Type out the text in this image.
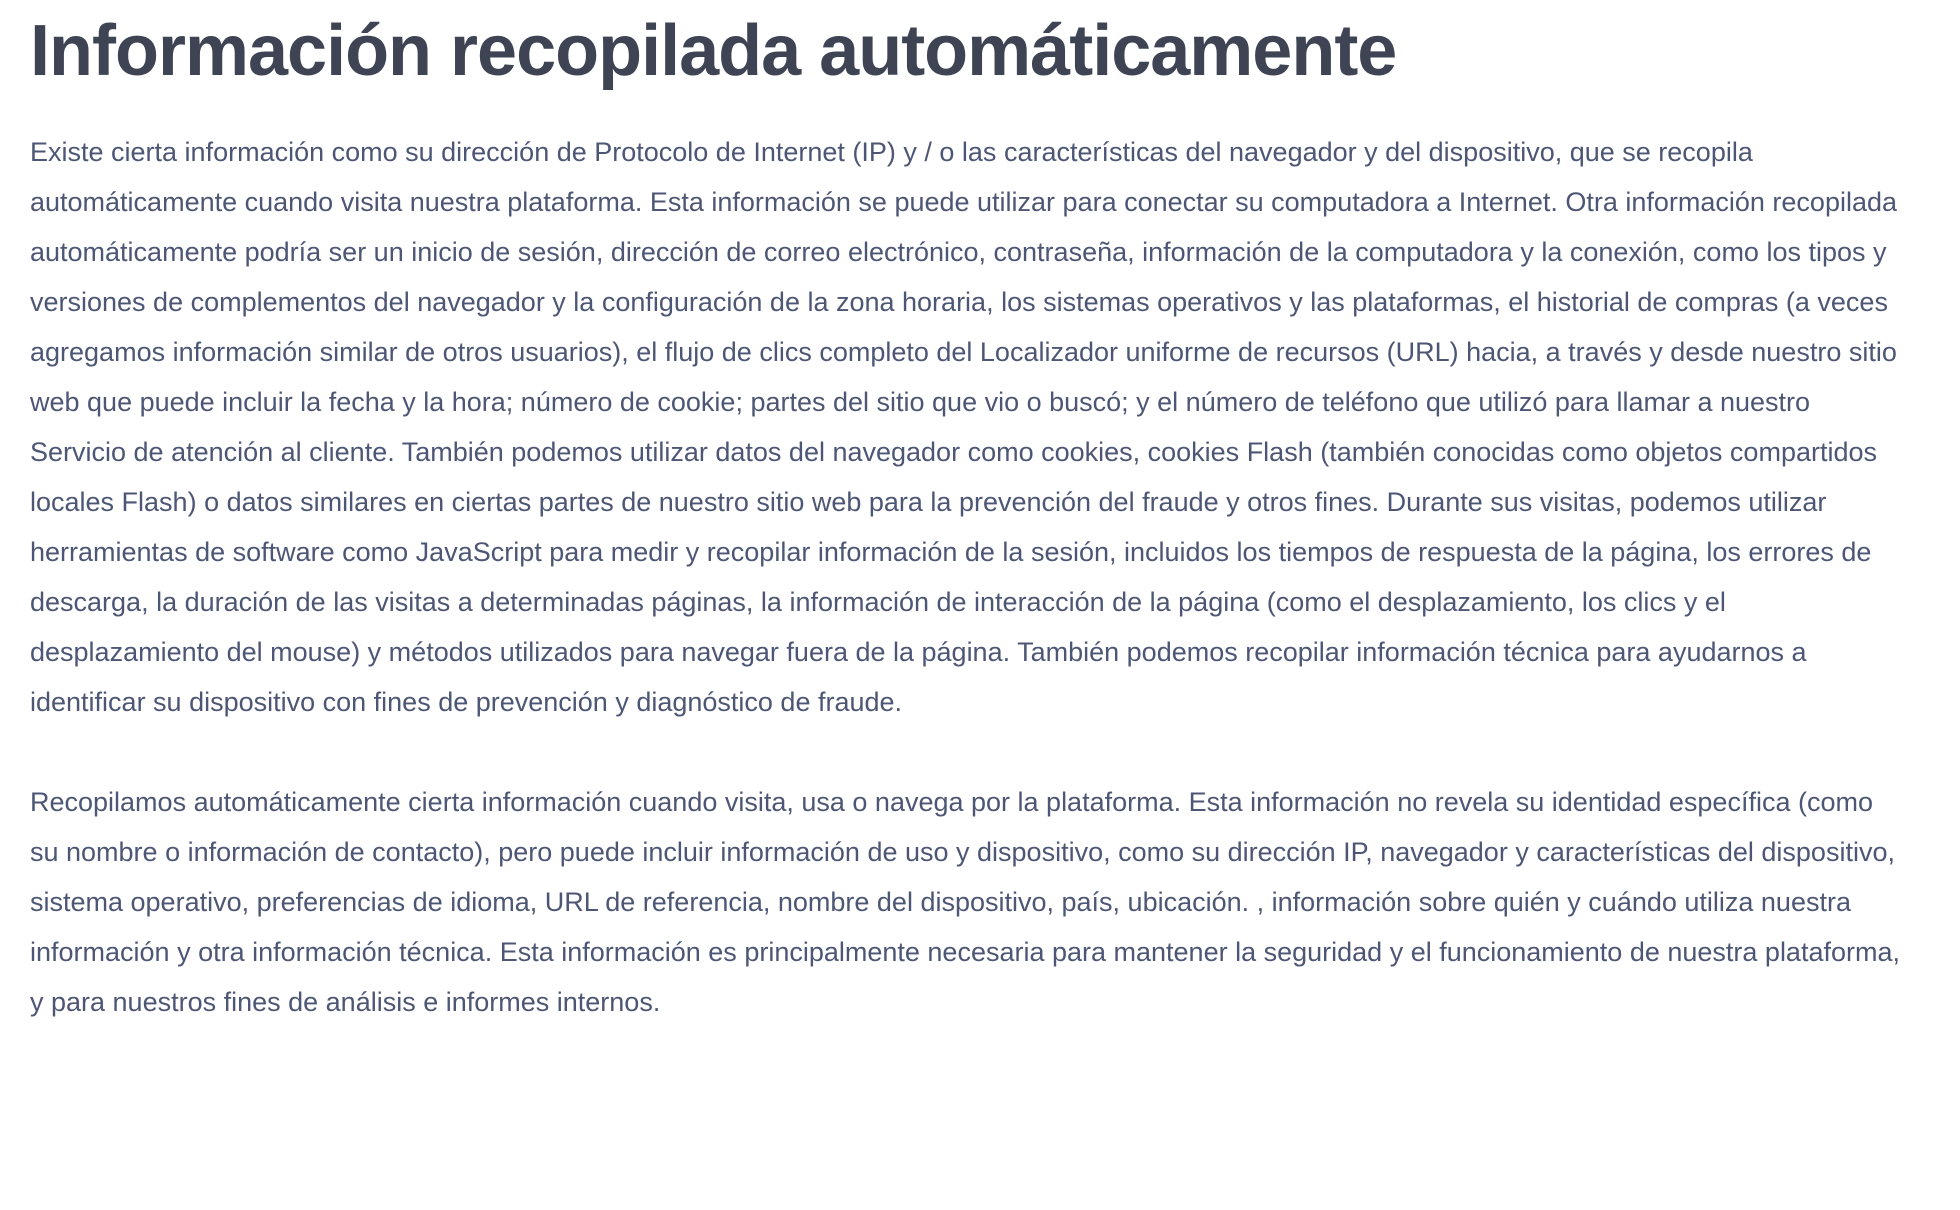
Información recopilada automáticamente

Existe cierta información como su dirección de Protocolo de Internet (IP) y / o las características del navegador y del dispositivo, que se recopila automáticamente cuando visita nuestra plataforma. Esta información se puede utilizar para conectar su computadora a Internet. Otra información recopilada automáticamente podría ser un inicio de sesión, dirección de correo electrónico, contraseña, información de la computadora y la conexión, como los tipos y versiones de complementos del navegador y la configuración de la zona horaria, los sistemas operativos y las plataformas, el historial de compras (a veces agregamos información similar de otros usuarios), el flujo de clics completo del Localizador uniforme de recursos (URL) hacia, a través y desde nuestro sitio web que puede incluir la fecha y la hora; número de cookie; partes del sitio que vio o buscó; y el número de teléfono que utilizó para llamar a nuestro Servicio de atención al cliente. También podemos utilizar datos del navegador como cookies, cookies Flash (también conocidas como objetos compartidos locales Flash) o datos similares en ciertas partes de nuestro sitio web para la prevención del fraude y otros fines. Durante sus visitas, podemos utilizar herramientas de software como JavaScript para medir y recopilar información de la sesión, incluidos los tiempos de respuesta de la página, los errores de descarga, la duración de las visitas a determinadas páginas, la información de interacción de la página (como el desplazamiento, los clics y el desplazamiento del mouse) y métodos utilizados para navegar fuera de la página. También podemos recopilar información técnica para ayudarnos a identificar su dispositivo con fines de prevención y diagnóstico de fraude.

Recopilamos automáticamente cierta información cuando visita, usa o navega por la plataforma. Esta información no revela su identidad específica (como su nombre o información de contacto), pero puede incluir información de uso y dispositivo, como su dirección IP, navegador y características del dispositivo, sistema operativo, preferencias de idioma, URL de referencia, nombre del dispositivo, país, ubicación. , información sobre quién y cuándo utiliza nuestra información y otra información técnica. Esta información es principalmente necesaria para mantener la seguridad y el funcionamiento de nuestra plataforma, y para nuestros fines de análisis e informes internos.
